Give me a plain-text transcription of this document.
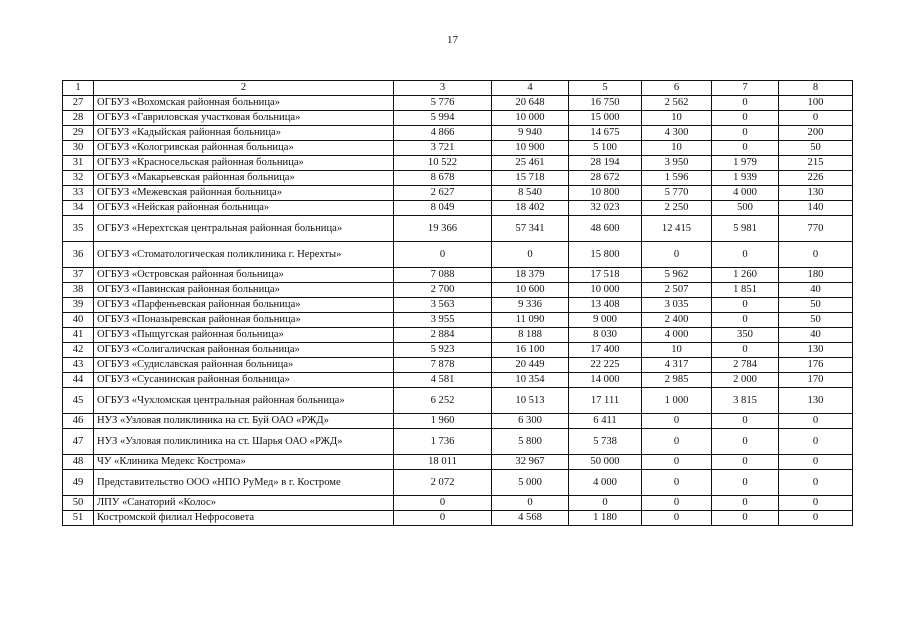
17
1	2	3	4	5	6	7	8
27	ОГБУЗ «Вохомская районная больница»	5 776	20 648	16 750	2 562	0	100
28	ОГБУЗ «Гавриловская участковая больница»	5 994	10 000	15 000	10	0	0
29	ОГБУЗ «Кадыйская районная больница»	4 866	9 940	14 675	4 300	0	200
30	ОГБУЗ «Кологривская районная больница»	3 721	10 900	5 100	10	0	50
31	ОГБУЗ «Красносельская районная больница»	10 522	25 461	28 194	3 950	1 979	215
32	ОГБУЗ «Макарьевская районная больница»	8 678	15 718	28 672	1 596	1 939	226
33	ОГБУЗ «Межевская районная больница»	2 627	8 540	10 800	5 770	4 000	130
34	ОГБУЗ «Нейская районная больница»	8 049	18 402	32 023	2 250	500	140
35	ОГБУЗ «Нерехтская центральная районная больница»	19 366	57 341	48 600	12 415	5 981	770
36	ОГБУЗ «Стоматологическая поликлиника г. Нерехты»	0	0	15 800	0	0	0
37	ОГБУЗ «Островская районная больница»	7 088	18 379	17 518	5 962	1 260	180
38	ОГБУЗ «Павинская районная больница»	2 700	10 600	10 000	2 507	1 851	40
39	ОГБУЗ «Парфеньевская районная больница»	3 563	9 336	13 408	3 035	0	50
40	ОГБУЗ «Поназыревская районная больница»	3 955	11 090	9 000	2 400	0	50
41	ОГБУЗ «Пыщугская районная больница»	2 884	8 188	8 030	4 000	350	40
42	ОГБУЗ «Солигаличская районная больница»	5 923	16 100	17 400	10	0	130
43	ОГБУЗ «Судиславская районная больница»	7 878	20 449	22 225	4 317	2 784	176
44	ОГБУЗ «Сусанинская районная больница»	4 581	10 354	14 000	2 985	2 000	170
45	ОГБУЗ «Чухломская центральная районная больница»	6 252	10 513	17 111	1 000	3 815	130
46	НУЗ «Узловая поликлиника на ст. Буй ОАО «РЖД»	1 960	6 300	6 411	0	0	0
47	НУЗ «Узловая поликлиника на ст. Шарья ОАО «РЖД»	1 736	5 800	5 738	0	0	0
48	ЧУ «Клиника Медекс Кострома»	18 011	32 967	50 000	0	0	0
49	Представительство ООО «НПО РуМед» в г. Костроме	2 072	5 000	4 000	0	0	0
50	ЛПУ «Санаторий «Колос»	0	0	0	0	0	0
51	Костромской филиал Нефросовета	0	4 568	1 180	0	0	0
